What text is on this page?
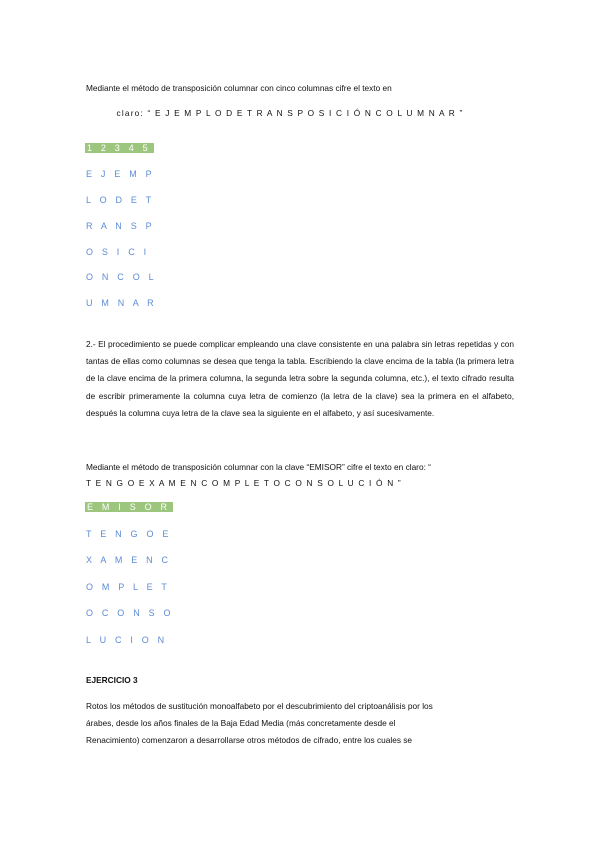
Mediante el método de transposición columnar con cinco columnas cifre el texto en
claro: “ E J E M P L O D E T R A N S P O S I C I Ó N C O L U M N A R ”
1 2 3 4 5
E J E M P
L O D E T
R A N S P
O S I C I
O N C O L
U M N A R
2.- El procedimiento se puede complicar empleando una clave consistente en una palabra sin letras repetidas y con tantas de ellas como columnas se desea que tenga la tabla. Escribiendo la clave encima de la tabla (la primera letra de la clave encima de la primera columna, la segunda letra sobre la segunda columna, etc.), el texto cifrado resulta de escribir primeramente la columna cuya letra de comienzo (la letra de la clave) sea la primera en el alfabeto, después la columna cuya letra de la clave sea la siguiente en el alfabeto, y así sucesivamente.
Mediante el método de transposición columnar con la clave “EMISOR” cifre el texto en claro: “
T E N G O E X A M E N C O M P L E T O C O N S O L U C I Ó N ”
E M I S O R
T E N G O E
X A M E N C
O M P L E T
O C O N S O
L U C I O N
EJERCICIO 3
Rotos los métodos de sustitución monoalfabeto por el descubrimiento del criptoanálisis por los
árabes, desde los años finales de la Baja Edad Media (más concretamente desde el
Renacimiento) comenzaron a desarrollarse otros métodos de cifrado, entre los cuales se
